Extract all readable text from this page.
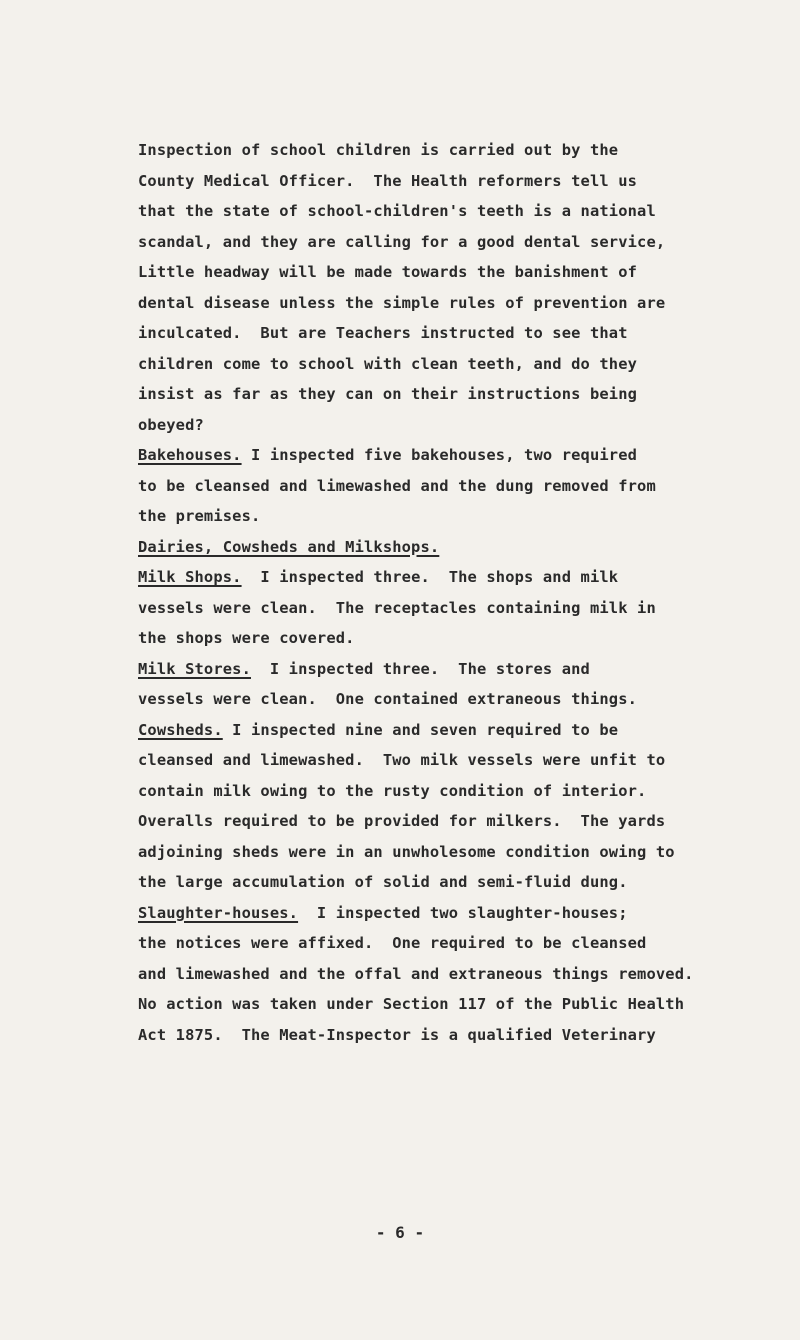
Inspection of school children is carried out by the
County Medical Officer.  The Health reformers tell us
that the state of school-children's teeth is a national
scandal, and they are calling for a good dental service,
Little headway will be made towards the banishment of
dental disease unless the simple rules of prevention are
inculcated.  But are Teachers instructed to see that
children come to school with clean teeth, and do they
insist as far as they can on their instructions being
obeyed?
Bakehouses. I inspected five bakehouses, two required
to be cleansed and limewashed and the dung removed from
the premises.
Dairies, Cowsheds and Milkshops.
Milk Shops.  I inspected three.  The shops and milk
vessels were clean.  The receptacles containing milk in
the shops were covered.
Milk Stores.  I inspected three.  The stores and
vessels were clean.  One contained extraneous things.
Cowsheds. I inspected nine and seven required to be
cleansed and limewashed.  Two milk vessels were unfit to
contain milk owing to the rusty condition of interior.
Overalls required to be provided for milkers.  The yards
adjoining sheds were in an unwholesome condition owing to
the large accumulation of solid and semi-fluid dung.
Slaughter-houses.  I inspected two slaughter-houses;
the notices were affixed.  One required to be cleansed
and limewashed and the offal and extraneous things removed.
No action was taken under Section 117 of the Public Health
Act 1875.  The Meat-Inspector is a qualified Veterinary
- 6 -
